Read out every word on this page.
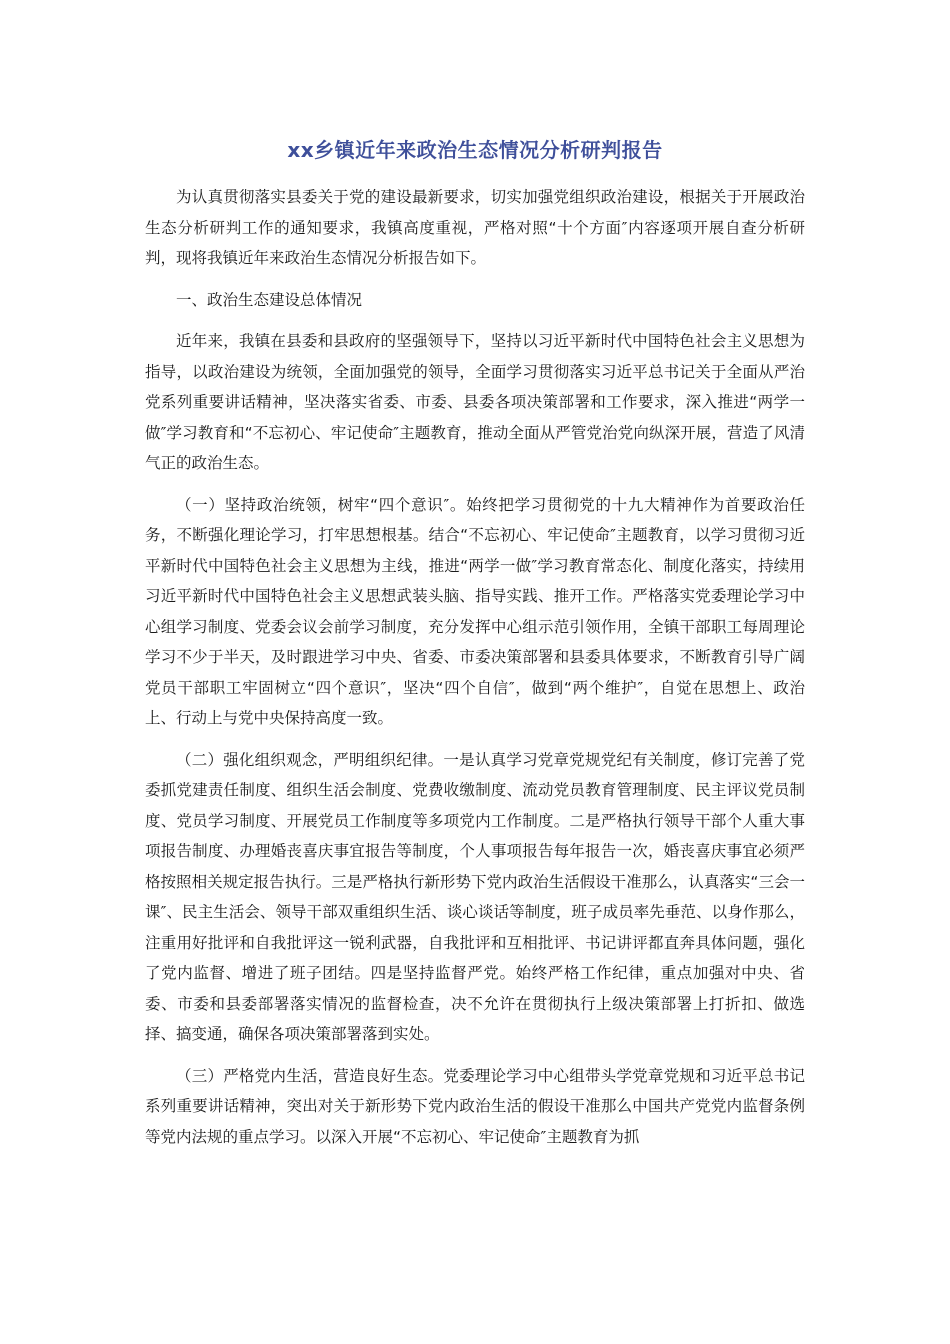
xx乡镇近年来政治生态情况分析研判报告

为认真贯彻落实县委关于党的建设最新要求，切实加强党组织政治建设，根据关于开展政治生态分析研判工作的通知要求，我镇高度重视，严格对照“十个方面″内容逐项开展自查分析研判，现将我镇近年来政治生态情况分析报告如下。

一、政治生态建设总体情况

近年来，我镇在县委和县政府的坚强领导下，坚持以习近平新时代中国特色社会主义思想为指导，以政治建设为统领，全面加强党的领导，全面学习贯彻落实习近平总书记关于全面从严治党系列重要讲话精神，坚决落实省委、市委、县委各项决策部署和工作要求，深入推进“两学一做″学习教育和“不忘初心、牢记使命″主题教育，推动全面从严管党治党向纵深开展，营造了风清气正的政治生态。

（一）坚持政治统领，树牢“四个意识″。始终把学习贯彻党的十九大精神作为首要政治任务，不断强化理论学习，打牢思想根基。结合“不忘初心、牢记使命″主题教育，以学习贯彻习近平新时代中国特色社会主义思想为主线，推进“两学一做″学习教育常态化、制度化落实，持续用习近平新时代中国特色社会主义思想武装头脑、指导实践、推开工作。严格落实党委理论学习中心组学习制度、党委会议会前学习制度，充分发挥中心组示范引领作用，全镇干部职工每周理论学习不少于半天，及时跟进学习中央、省委、市委决策部署和县委具体要求，不断教育引导广阔党员干部职工牢固树立“四个意识″，坚决“四个自信″，做到“两个维护″，自觉在思想上、政治上、行动上与党中央保持高度一致。

（二）强化组织观念，严明组织纪律。一是认真学习党章党规党纪有关制度，修订完善了党委抓党建责任制度、组织生活会制度、党费收缴制度、流动党员教育管理制度、民主评议党员制度、党员学习制度、开展党员工作制度等多项党内工作制度。二是严格执行领导干部个人重大事项报告制度、办理婚丧喜庆事宜报告等制度，个人事项报告每年报告一次，婚丧喜庆事宜必须严格按照相关规定报告执行。三是严格执行新形势下党内政治生活假设干准那么，认真落实“三会一课″、民主生活会、领导干部双重组织生活、谈心谈话等制度，班子成员率先垂范、以身作那么，注重用好批评和自我批评这一锐利武器，自我批评和互相批评、书记讲评都直奔具体问题，强化了党内监督、增进了班子团结。四是坚持监督严党。始终严格工作纪律，重点加强对中央、省委、市委和县委部署落实情况的监督检查，决不允许在贯彻执行上级决策部署上打折扣、做选择、搞变通，确保各项决策部署落到实处。

（三）严格党内生活，营造良好生态。党委理论学习中心组带头学党章党规和习近平总书记系列重要讲话精神，突出对关于新形势下党内政治生活的假设干准那么中国共产党党内监督条例等党内法规的重点学习。以深入开展“不忘初心、牢记使命″主题教育为抓
